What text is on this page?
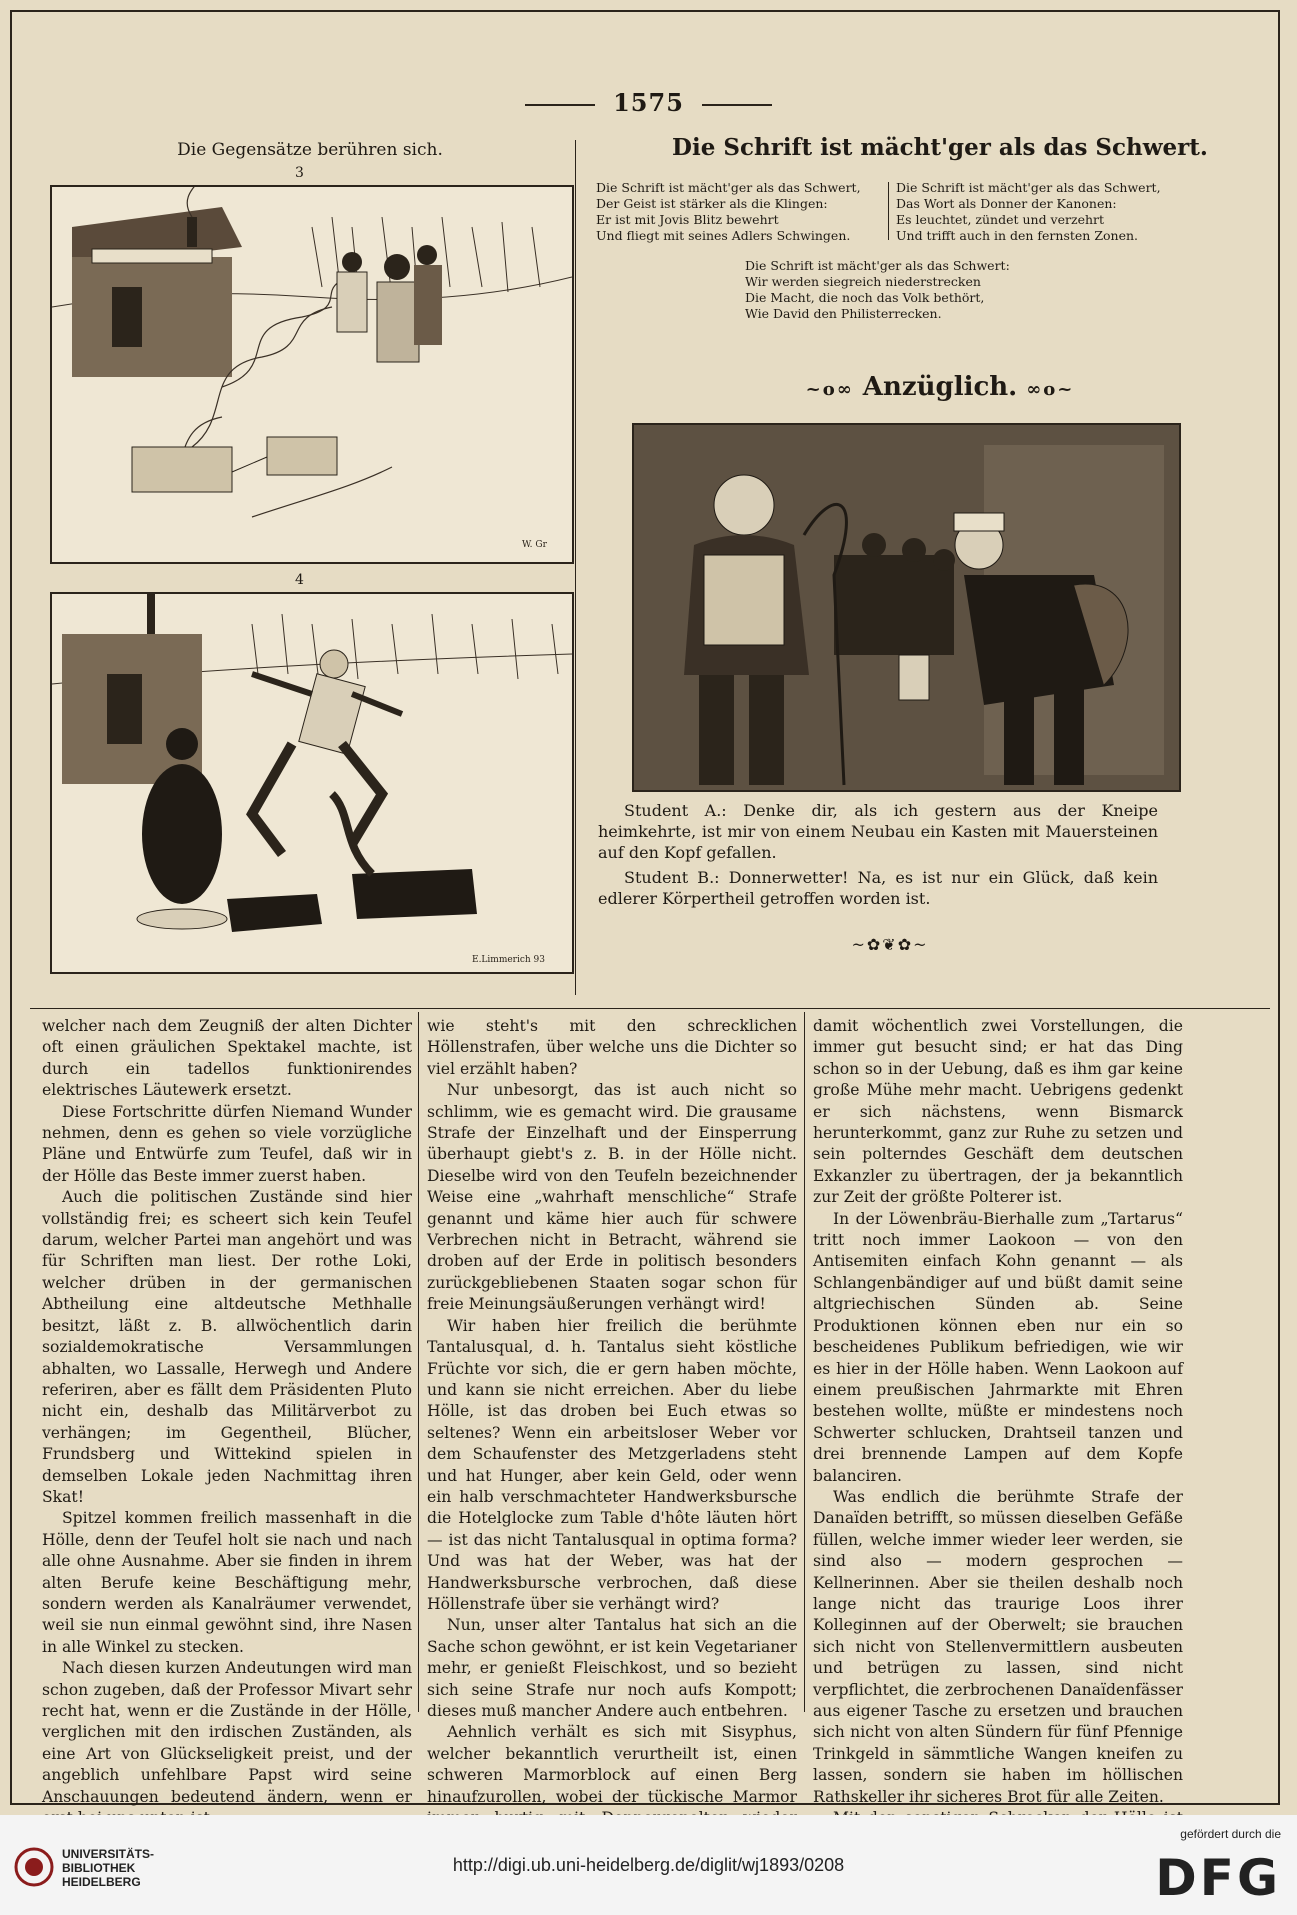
1575
Die Gegensätze berühren sich.
3
W. Gr
4
E.Limmerich 93
Die Schrift ist mächt'ger als das Schwert.
Die Schrift ist mächt'ger als das Schwert,
Der Geist ist stärker als die Klingen:
Er ist mit Jovis Blitz bewehrt
Und fliegt mit seines Adlers Schwingen.
Die Schrift ist mächt'ger als das Schwert,
Das Wort als Donner der Kanonen:
Es leuchtet, zündet und verzehrt
Und trifft auch in den fernsten Zonen.
Die Schrift ist mächt'ger als das Schwert:
Wir werden siegreich niederstrecken
Die Macht, die noch das Volk bethört,
Wie David den Philisterrecken.
~o∞ Anzüglich. ∞o~

Student A.: Denke dir, als ich gestern aus der Kneipe heimkehrte, ist mir von einem Neubau ein Kasten mit Mauersteinen auf den Kopf gefallen.

Student B.: Donnerwetter! Na, es ist nur ein Glück, daß kein edlerer Körpertheil getroffen worden ist.

~✿❦✿~

welcher nach dem Zeugniß der alten Dichter oft einen gräulichen Spektakel machte, ist durch ein tadellos funktionirendes elektrisches Läutewerk ersetzt.

Diese Fortschritte dürfen Niemand Wunder nehmen, denn es gehen so viele vorzügliche Pläne und Entwürfe zum Teufel, daß wir in der Hölle das Beste immer zuerst haben.

Auch die politischen Zustände sind hier vollständig frei; es scheert sich kein Teufel darum, welcher Partei man angehört und was für Schriften man liest. Der rothe Loki, welcher drüben in der germanischen Abtheilung eine altdeutsche Methhalle besitzt, läßt z. B. allwöchentlich darin sozialdemokratische Versammlungen abhalten, wo Lassalle, Herwegh und Andere referiren, aber es fällt dem Präsidenten Pluto nicht ein, deshalb das Militärverbot zu verhängen; im Gegentheil, Blücher, Frundsberg und Wittekind spielen in demselben Lokale jeden Nachmittag ihren Skat!

Spitzel kommen freilich massenhaft in die Hölle, denn der Teufel holt sie nach und nach alle ohne Ausnahme. Aber sie finden in ihrem alten Berufe keine Beschäftigung mehr, sondern werden als Kanalräumer verwendet, weil sie nun einmal gewöhnt sind, ihre Nasen in alle Winkel zu stecken.

Nach diesen kurzen Andeutungen wird man schon zugeben, daß der Professor Mivart sehr recht hat, wenn er die Zustände in der Hölle, verglichen mit den irdischen Zuständen, als eine Art von Glückseligkeit preist, und der angeblich unfehlbare Papst wird seine Anschauungen bedeutend ändern, wenn er

wie steht's mit den schrecklichen Höllenstrafen, über welche uns die Dichter so viel erzählt haben?

Nur unbesorgt, das ist auch nicht so schlimm, wie es gemacht wird. Die grausame Strafe der Einzelhaft und der Einsperrung überhaupt giebt's z. B. in der Hölle nicht. Dieselbe wird von den Teufeln bezeichnender Weise eine „wahrhaft menschliche“ Strafe genannt und käme hier auch für schwere Verbrechen nicht in Betracht, während sie droben auf der Erde in politisch besonders zurückgebliebenen Staaten sogar schon für freie Meinungsäußerungen verhängt wird!

Wir haben hier freilich die berühmte Tantalusqual, d. h. Tantalus sieht köstliche Früchte vor sich, die er gern haben möchte, und kann sie nicht erreichen. Aber du liebe Hölle, ist das droben bei Euch etwas so seltenes? Wenn ein arbeitsloser Weber vor dem Schaufenster des Metzgerladens steht und hat Hunger, aber kein Geld, oder wenn ein halb verschmachteter Handwerksbursche die Hotelglocke zum Table d'hôte läuten hört — ist das nicht Tantalusqual in optima forma? Und was hat der Weber, was hat der Handwerksbursche verbrochen, daß diese Höllenstrafe über sie verhängt wird?

Nun, unser alter Tantalus hat sich an die Sache schon gewöhnt, er ist kein Vegetarianer mehr, er genießt Fleischkost, und so bezieht sich seine Strafe nur noch aufs Kompott; dieses muß mancher Andere auch entbehren.

Aehnlich verhält es sich mit Sisyphus, welcher bekanntlich verurtheilt ist, einen schweren Marmorblock auf einen Berg hinaufzurollen, wobei der tückische Marmor

damit wöchentlich zwei Vorstellungen, die immer gut besucht sind; er hat das Ding schon so in der Uebung, daß es ihm gar keine große Mühe mehr macht. Uebrigens gedenkt er sich nächstens, wenn Bismarck herunterkommt, ganz zur Ruhe zu setzen und sein polterndes Geschäft dem deutschen Exkanzler zu übertragen, der ja bekanntlich zur Zeit der größte Polterer ist.

In der Löwenbräu-Bierhalle zum „Tartarus“ tritt noch immer Laokoon — von den Antisemiten einfach Kohn genannt — als Schlangenbändiger auf und büßt damit seine altgriechischen Sünden ab. Seine Produktionen können eben nur ein so bescheidenes Publikum befriedigen, wie wir es hier in der Hölle haben. Wenn Laokoon auf einem preußischen Jahrmarkte mit Ehren bestehen wollte, müßte er mindestens noch Schwerter schlucken, Drahtseil tanzen und drei brennende Lampen auf dem Kopfe balanciren.

Was endlich die berühmte Strafe der Danaïden betrifft, so müssen dieselben Gefäße füllen, welche immer wieder leer werden, sie sind also — modern gesprochen — Kellnerinnen. Aber sie theilen deshalb noch lange nicht das traurige Loos ihrer Kolleginnen auf der Oberwelt; sie brauchen sich nicht von Stellenvermittlern ausbeuten und betrügen zu lassen, sind nicht verpflichtet, die zerbrochenen Danaïdenfässer aus eigener Tasche zu ersetzen und brauchen sich nicht von alten Sündern für fünf Pfennige Trinkgeld in sämmtliche Wangen kneifen zu lassen, sondern sie haben im höllischen Rathskeller ihr sicheres Brot für alle Zeiten.

UNIVERSITÄTS-
BIBLIOTHEK
HEIDELBERG
http://digi.ub.uni-heidelberg.de/diglit/wj1893/0208
gefördert durch die
DFG
